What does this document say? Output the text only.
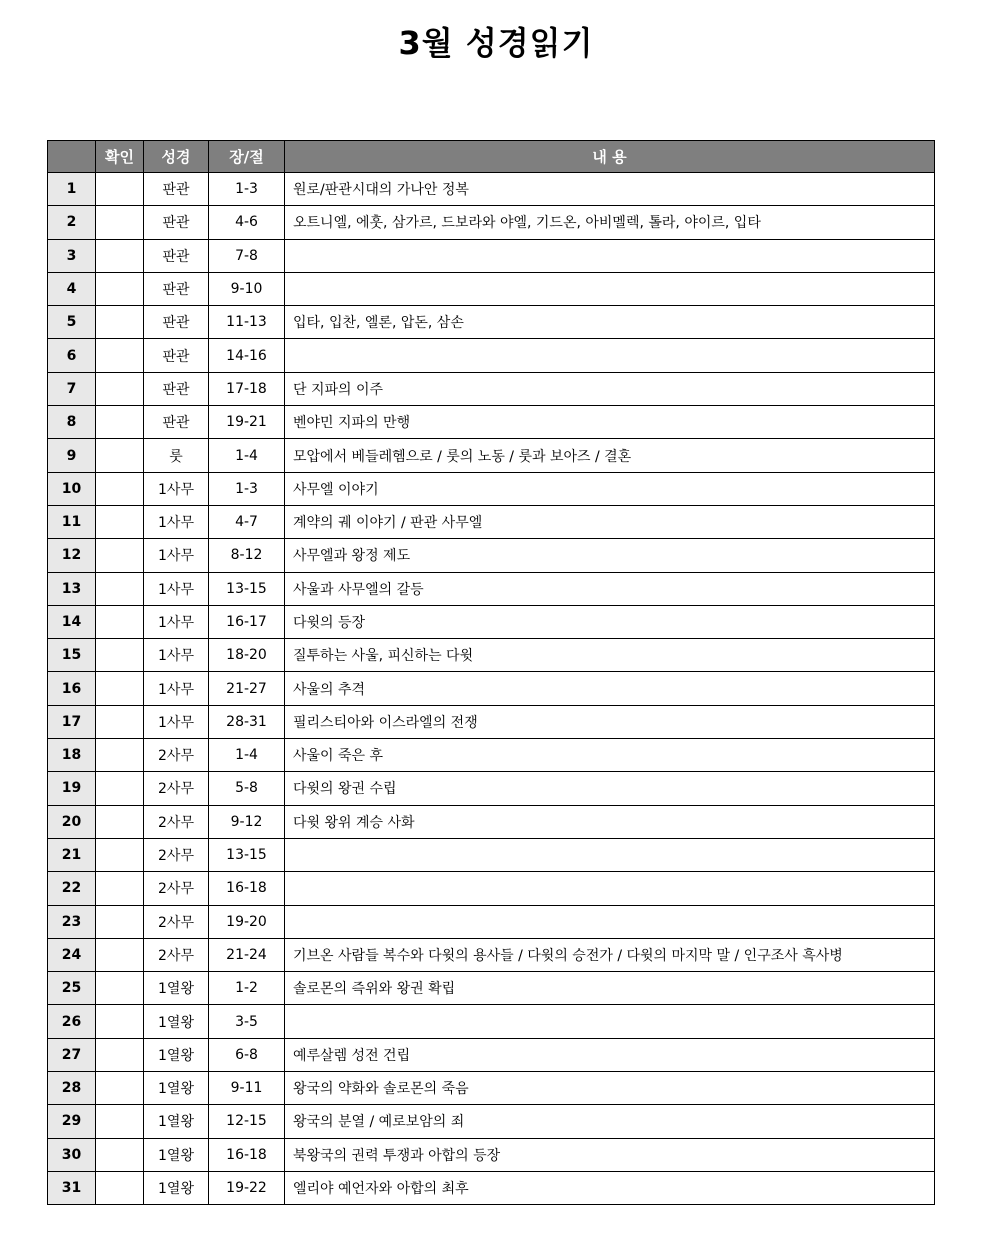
3월 성경읽기
	확인	성경	장/절	내 용
1		판관	1-3	원로/판관시대의 가나안 정복
2		판관	4-6	오트니엘, 에훗, 삼가르, 드보라와 야엘, 기드온, 아비멜렉, 톨라, 야이르, 입타
3		판관	7-8	
4		판관	9-10	
5		판관	11-13	입타, 입찬, 엘론, 압돈, 삼손
6		판관	14-16	
7		판관	17-18	단 지파의 이주
8		판관	19-21	벤야민 지파의 만행
9		룻	1-4	모압에서 베들레헴으로 / 룻의 노동 / 룻과 보아즈 / 결혼
10		1사무	1-3	사무엘 이야기
11		1사무	4-7	계약의 궤 이야기 / 판관 사무엘
12		1사무	8-12	사무엘과 왕정 제도
13		1사무	13-15	사울과 사무엘의 갈등
14		1사무	16-17	다윗의 등장
15		1사무	18-20	질투하는 사울, 피신하는 다윗
16		1사무	21-27	사울의 추격
17		1사무	28-31	필리스티아와 이스라엘의 전쟁
18		2사무	1-4	사울이 죽은 후
19		2사무	5-8	다윗의 왕권 수립
20		2사무	9-12	다윗 왕위 계승 사화
21		2사무	13-15	
22		2사무	16-18	
23		2사무	19-20	
24		2사무	21-24	기브온 사람들 복수와 다윗의 용사들 / 다윗의 승전가 / 다윗의 마지막 말 / 인구조사 흑사병
25		1열왕	1-2	솔로몬의 즉위와 왕권 확립
26		1열왕	3-5	
27		1열왕	6-8	예루살렘 성전 건립
28		1열왕	9-11	왕국의 약화와 솔로몬의 죽음
29		1열왕	12-15	왕국의 분열 / 예로보암의 죄
30		1열왕	16-18	북왕국의 권력 투쟁과 아합의 등장
31		1열왕	19-22	엘리야 예언자와 아합의 최후
